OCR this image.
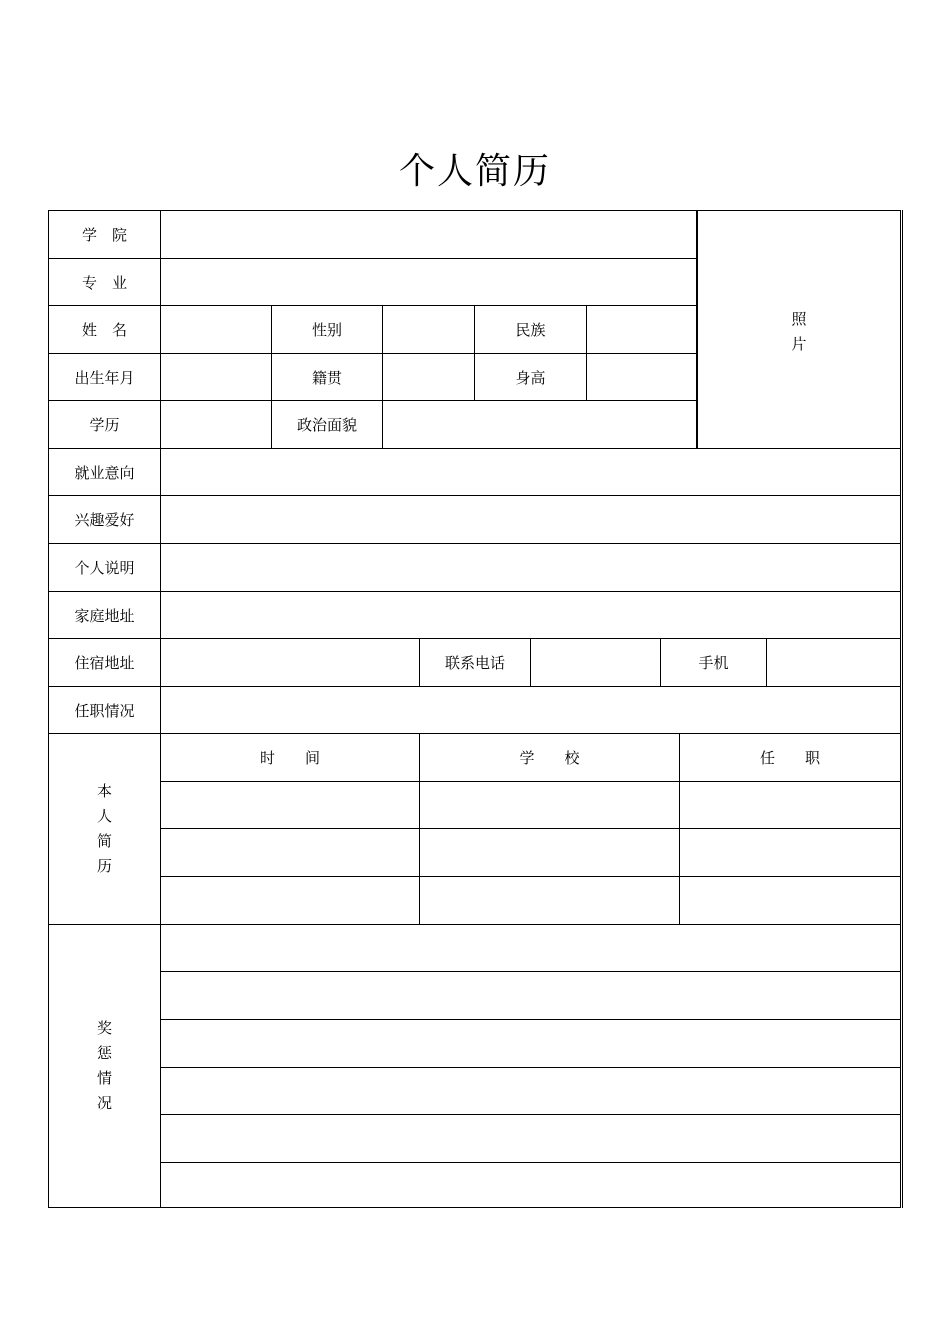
个人简历
学　院
专　业
姓　名	性别	民族
出生年月	籍贯	身高
学历	政治面貌
照
片
就业意向
兴趣爱好
个人说明
家庭地址
住宿地址	联系电话	手机
任职情况
本
人
简
历
时　　间	学　　校	任　　职
奖
惩
情
况
